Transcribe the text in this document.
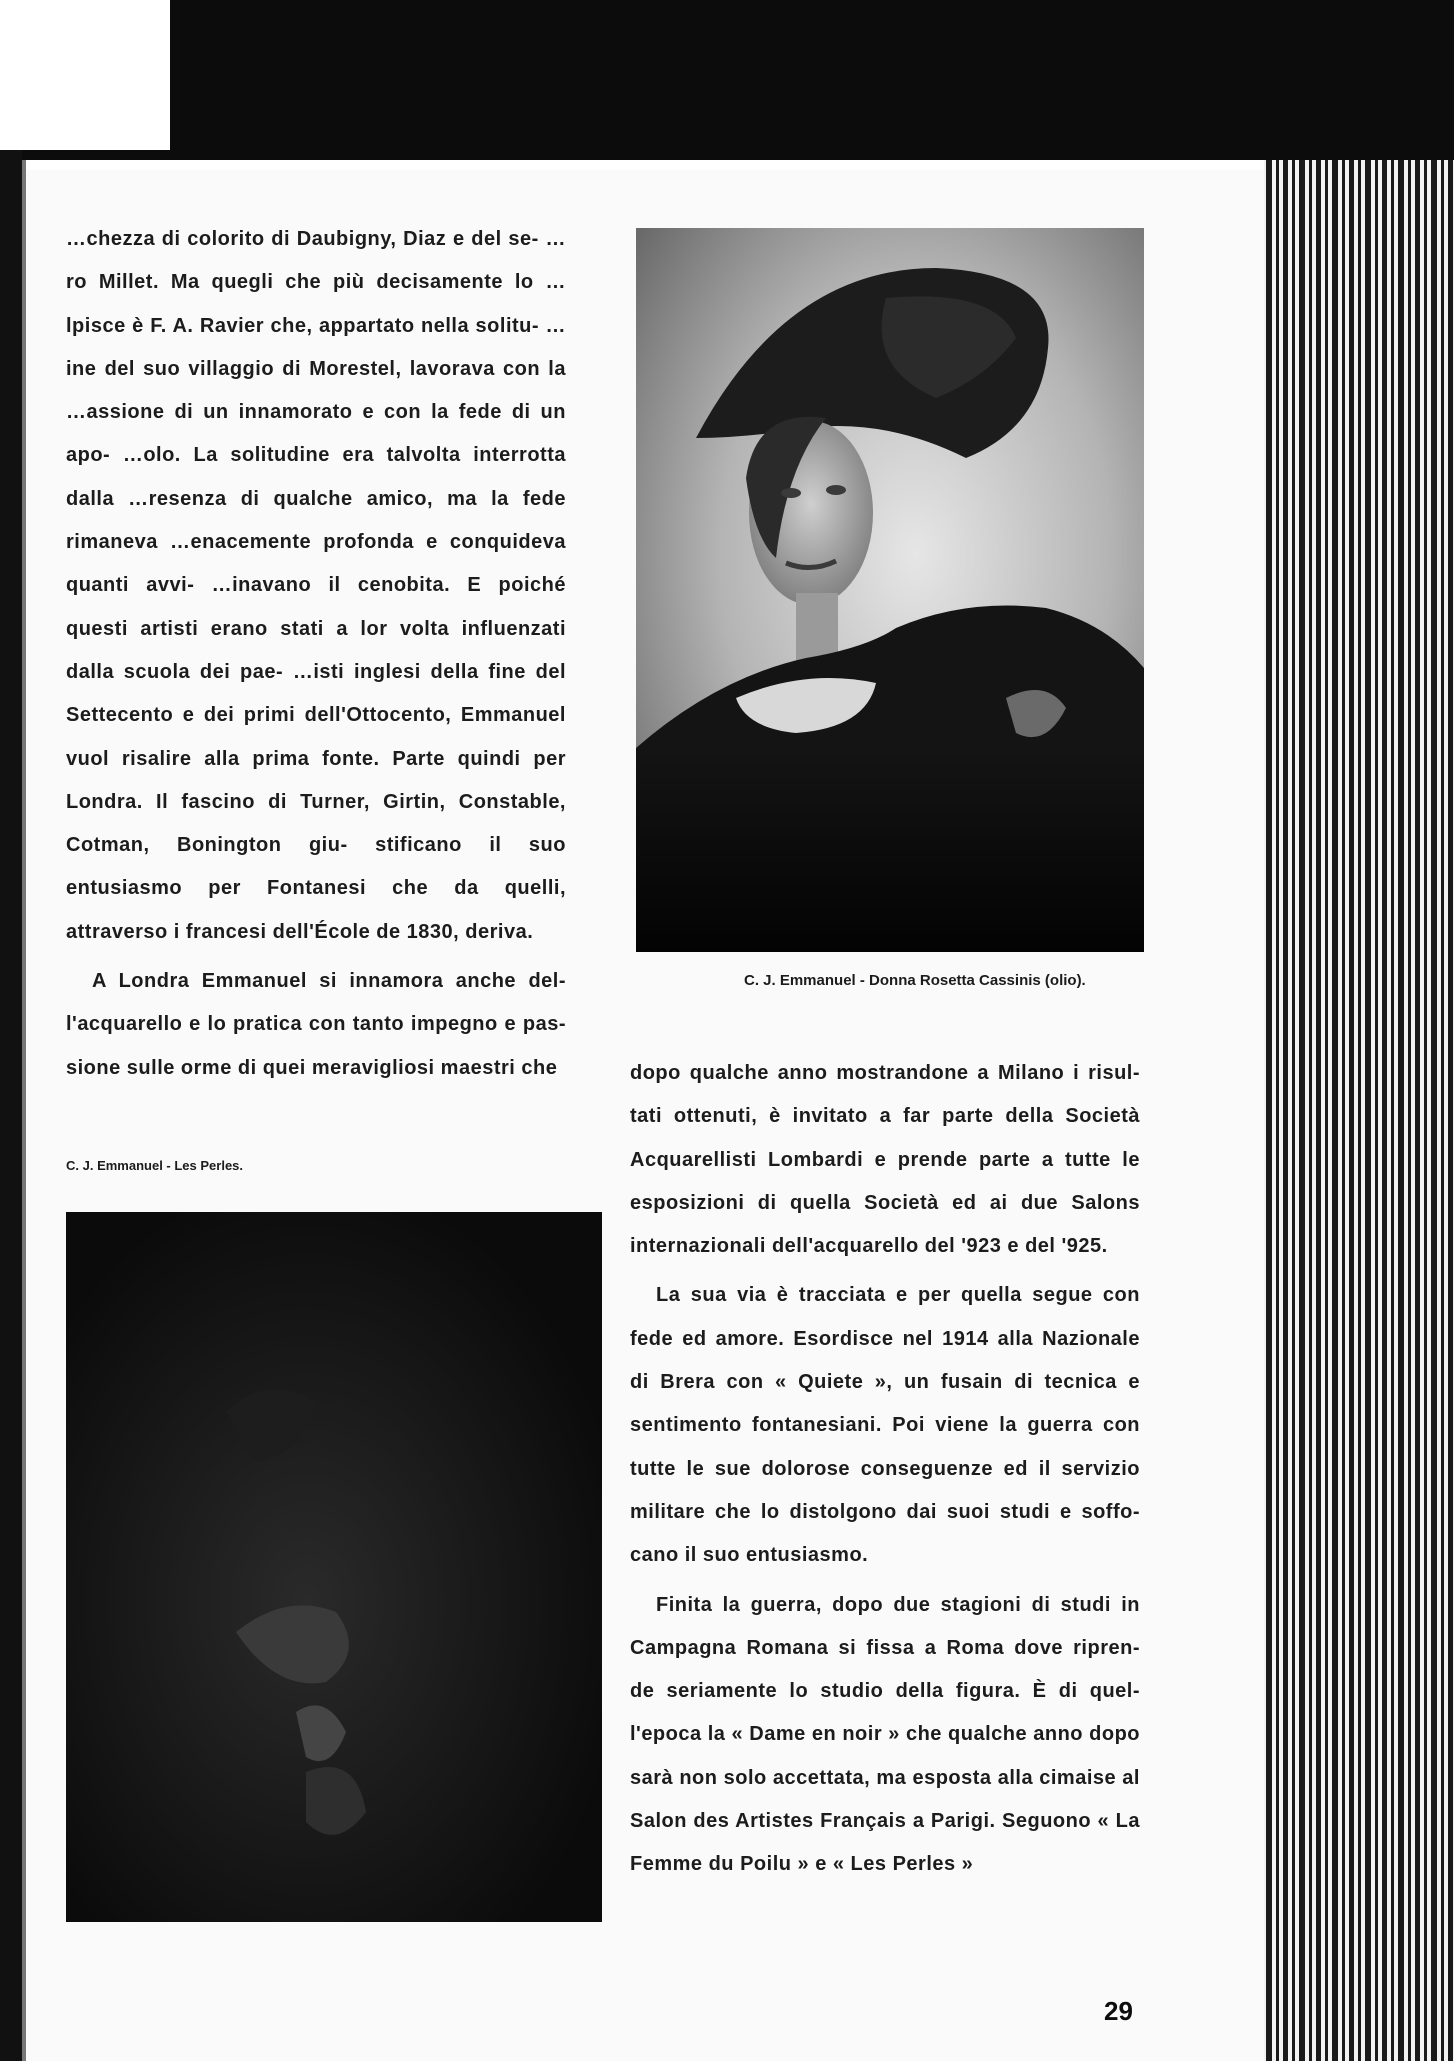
…chezza di colorito di Daubigny, Diaz e del se- …ro Millet. Ma quegli che più decisamente lo …lpisce è F. A. Ravier che, appartato nella solitu- …ine del suo villaggio di Morestel, lavorava con la …assione di un innamorato e con la fede di un apo- …olo. La solitudine era talvolta interrotta dalla …resenza di qualche amico, ma la fede rimaneva …enacemente profonda e conquideva quanti avvi- …inavano il cenobita. E poiché questi artisti erano stati a lor volta influenzati dalla scuola dei pae- …isti inglesi della fine del Settecento e dei primi dell'Ottocento, Emmanuel vuol risalire alla prima fonte. Parte quindi per Londra. Il fascino di Turner, Girtin, Constable, Cotman, Bonington giu- stificano il suo entusiasmo per Fontanesi che da quelli, attraverso i francesi dell'École de 1830, deriva.

A Londra Emmanuel si innamora anche del- l'acquarello e lo pratica con tanto impegno e pas- sione sulle orme di quei meravigliosi maestri che

C. J. Emmanuel - Donna Rosetta Cassinis (olio).

dopo qualche anno mostrandone a Milano i risul- tati ottenuti, è invitato a far parte della Società Acquarellisti Lombardi e prende parte a tutte le esposizioni di quella Società ed ai due Salons internazionali dell'acquarello del '923 e del '925.

La sua via è tracciata e per quella segue con fede ed amore. Esordisce nel 1914 alla Nazionale di Brera con « Quiete », un fusain di tecnica e sentimento fontanesiani. Poi viene la guerra con tutte le sue dolorose conseguenze ed il servizio militare che lo distolgono dai suoi studi e soffo- cano il suo entusiasmo.

Finita la guerra, dopo due stagioni di studi in Campagna Romana si fissa a Roma dove ripren- de seriamente lo studio della figura. È di quel- l'epoca la « Dame en noir » che qualche anno dopo sarà non solo accettata, ma esposta alla cimaise al Salon des Artistes Français a Parigi. Seguono « La Femme du Poilu » e « Les Perles »

C. J. Emmanuel - Les Perles.
29
